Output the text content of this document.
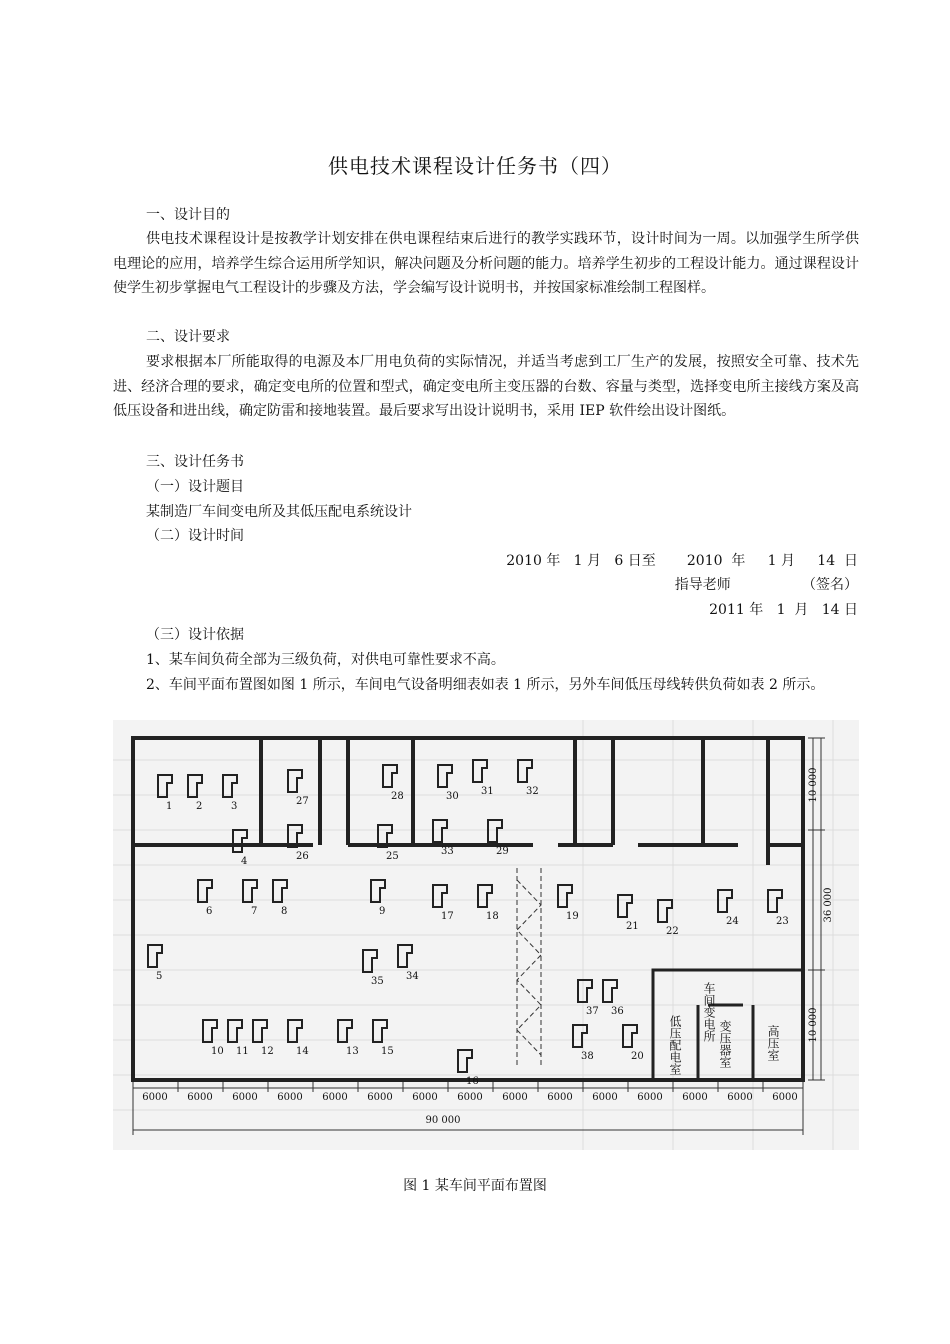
供电技术课程设计任务书（四）
一、设计目的
供电技术课程设计是按教学计划安排在供电课程结束后进行的教学实践环节，设计时间为一周。以加强学生所学供电理论的应用，培养学生综合运用所学知识，解决问题及分析问题的能力。培养学生初步的工程设计能力。通过课程设计使学生初步掌握电气工程设计的步骤及方法，学会编写设计说明书，并按国家标准绘制工程图样。
二、设计要求
要求根据本厂所能取得的电源及本厂用电负荷的实际情况，并适当考虑到工厂生产的发展，按照安全可靠、技术先进、经济合理的要求，确定变电所的位置和型式，确定变电所主变压器的台数、容量与类型，选择变电所主接线方案及高低压设备和进出线，确定防雷和接地装置。最后要求写出设计说明书，采用 IEP 软件绘出设计图纸。
三、设计任务书
（一）设计题目
某制造厂车间变电所及其低压配电系统设计
（二）设计时间
2010 年   1 月   6 日至       2010  年     1 月     14  日
指导老师                （签名）
2011 年   1  月   14 日
（三）设计依据
1、某车间负荷全部为三级负荷，对供电可靠性要求不高。
2、车间平面布置图如图 1 所示，车间电气设备明细表如表 1 所示，另外车间低压母线转供负荷如表 2 所示。
10 000
36 000
10 000
90 000
6000 6000 6000 6000 6000 6000 6000 6000 6000 6000 6000 6000 6000 6000 6000
车间变电所
低压配电室	变压器室	高压室
1 2	3
4
5
6	7 8	9
10 11 12	13
14	15
16
17	18	19
20
21	22
23
24
25
26
27	28
29
30 31	32
33
34
35
36
37
38
图 1 某车间平面布置图
